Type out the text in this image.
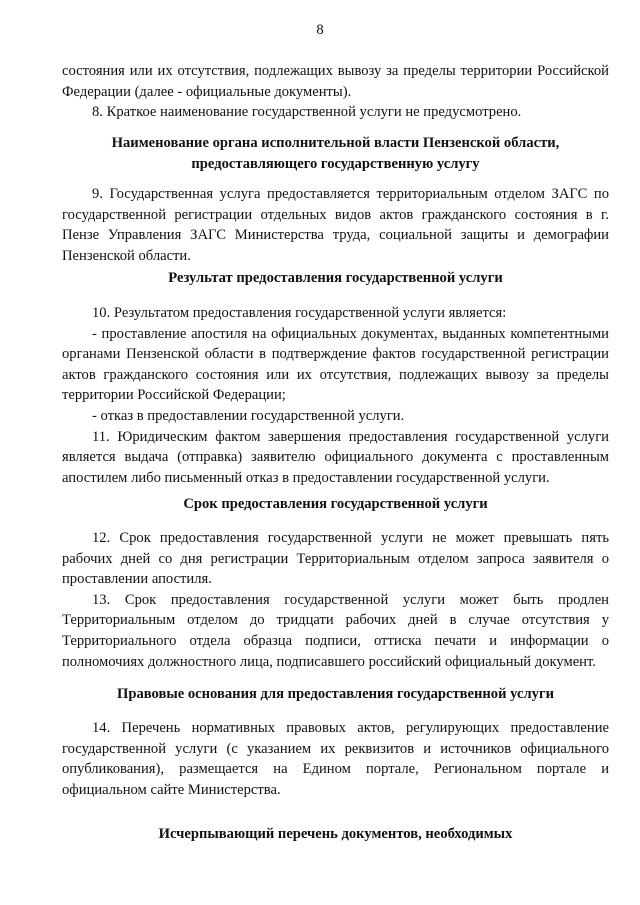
8

состояния или их отсутствия, подлежащих вывозу за пределы территории Российской Федерации (далее - официальные документы).

8. Краткое наименование государственной услуги не предусмотрено.

Наименование органа исполнительной власти Пензенской области,
предоставляющего государственную услугу

9. Государственная услуга предоставляется территориальным отделом ЗАГС по государственной регистрации отдельных видов актов гражданского состояния в г. Пензе Управления ЗАГС Министерства труда, социальной защиты и демографии Пензенской области.

Результат предоставления государственной услуги

10. Результатом предоставления государственной услуги является:

- проставление апостиля на официальных документах, выданных компетентными органами Пензенской области в подтверждение фактов государственной регистрации актов гражданского состояния или их отсутствия, подлежащих вывозу за пределы территории Российской Федерации;

- отказ в предоставлении государственной услуги.

11. Юридическим фактом завершения предоставления государственной услуги является выдача (отправка) заявителю официального документа с проставленным апостилем либо письменный отказ в предоставлении государственной услуги.

Срок предоставления государственной услуги

12. Срок предоставления государственной услуги не может превышать пять рабочих дней со дня регистрации Территориальным отделом запроса заявителя о проставлении апостиля.

13. Срок предоставления государственной услуги может быть продлен Территориальным отделом до тридцати рабочих дней в случае отсутствия у Территориального отдела образца подписи, оттиска печати и информации о полномочиях должностного лица, подписавшего российский официальный документ.

Правовые основания для предоставления государственной услуги

14. Перечень нормативных правовых актов, регулирующих предоставление государственной услуги (с указанием их реквизитов и источников официального опубликования), размещается на Едином портале, Региональном портале и официальном сайте Министерства.

Исчерпывающий перечень документов, необходимых
